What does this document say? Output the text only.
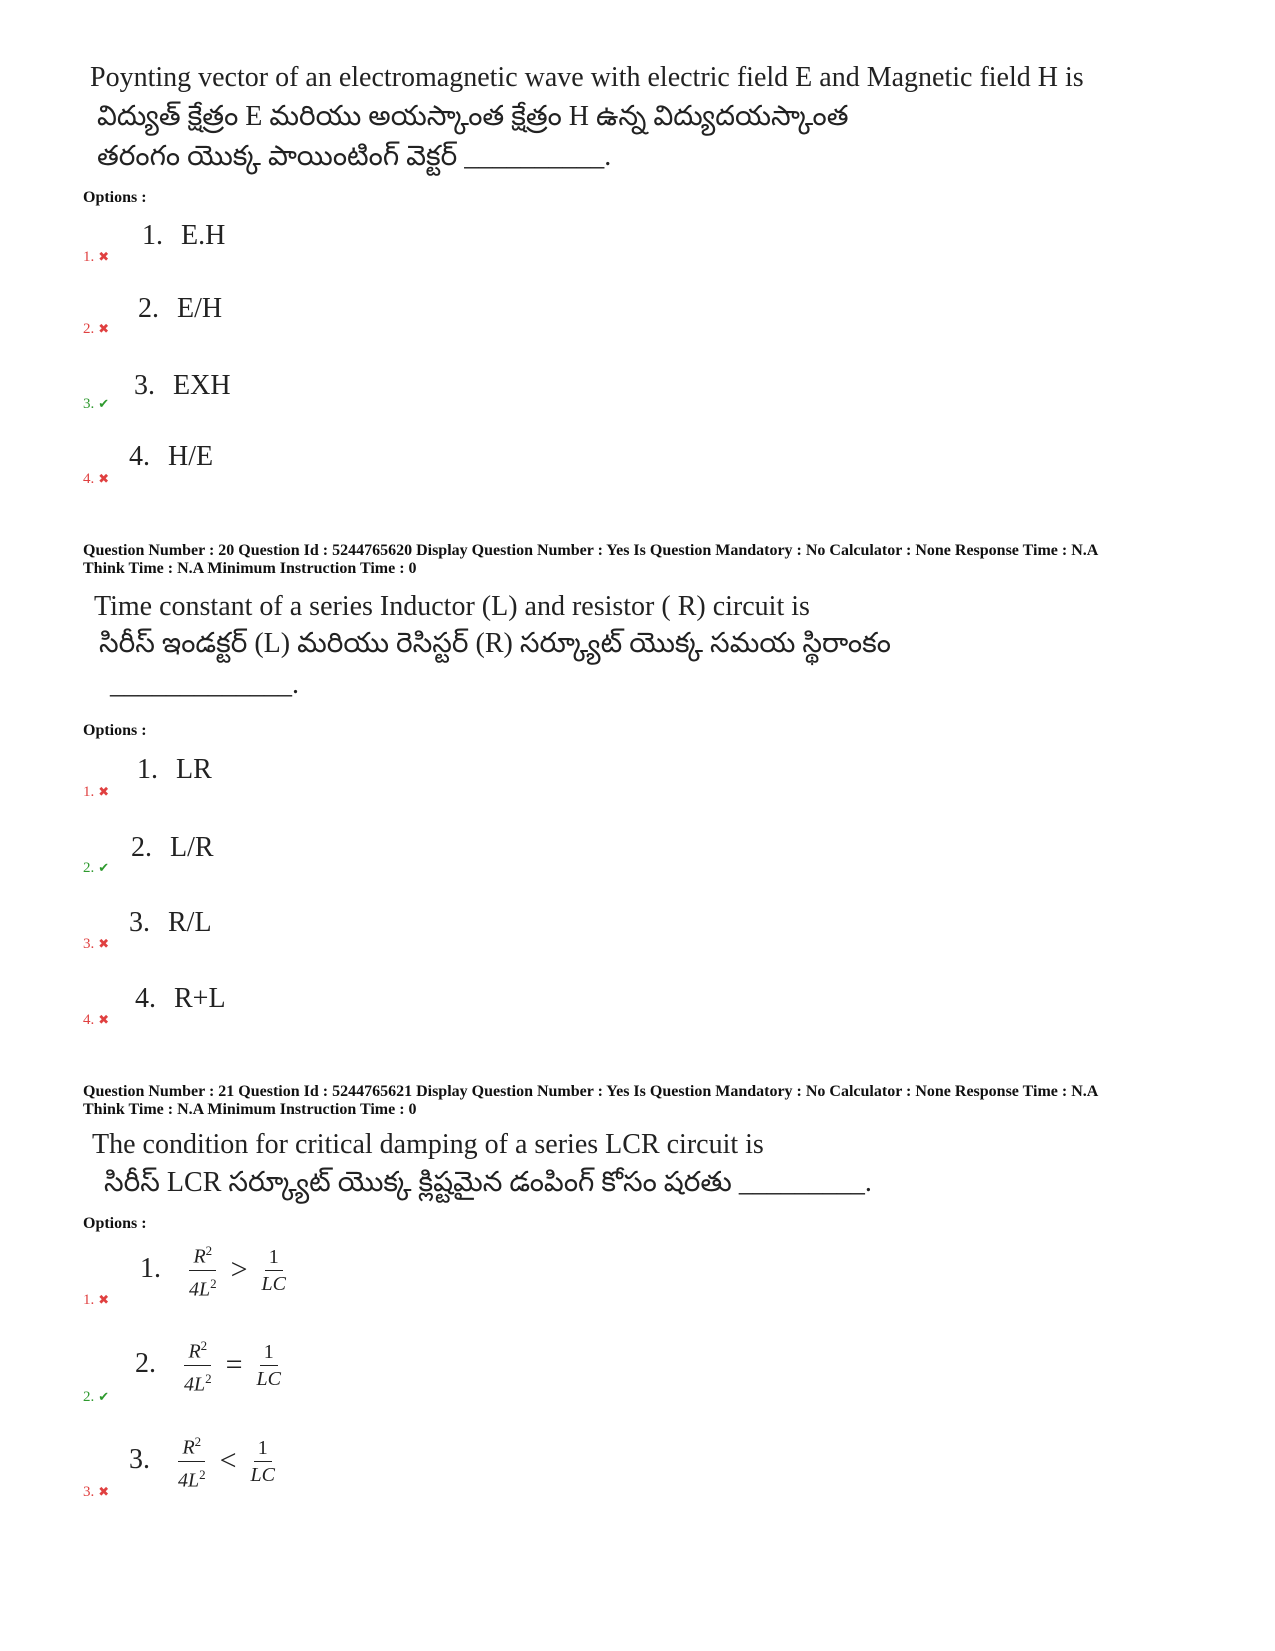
Poynting vector of an electromagnetic wave with electric field E and Magnetic field H is
విద్యుత్ క్షేత్రం E మరియు అయస్కాంత క్షేత్రం H ఉన్న విద్యుదయస్కాంత
తరంగం యొక్క పాయింటింగ్ వెక్టర్ __________.
Options :
1. E.H
1. ✖
2. E/H
2. ✖
3. EXH
3. ✔
4. H/E
4. ✖
Question Number : 20 Question Id : 5244765620 Display Question Number : Yes Is Question Mandatory : No Calculator : None Response Time : N.A
Think Time : N.A Minimum Instruction Time : 0
Time constant of a series Inductor (L) and resistor ( R) circuit is
సిరీస్ ఇండక్టర్ (L) మరియు రెసిస్టర్ (R) సర్క్యూట్ యొక్క సమయ స్థిరాంకం
_____________.
Options :
1. LR
1. ✖
2. L/R
2. ✔
3. R/L
3. ✖
4. R+L
4. ✖
Question Number : 21 Question Id : 5244765621 Display Question Number : Yes Is Question Mandatory : No Calculator : None Response Time : N.A
Think Time : N.A Minimum Instruction Time : 0
The condition for critical damping of a series LCR circuit is
సిరీస్ LCR సర్క్యూట్ యొక్క క్లిష్టమైన డంపింగ్ కోసం షరతు _________.
Options :
1. $\frac{R^2}{4L^2} > \frac{1}{LC}$
1. ✖
2. $\frac{R^2}{4L^2} = \frac{1}{LC}$
2. ✔
3. $\frac{R^2}{4L^2} < \frac{1}{LC}$
3. ✖
